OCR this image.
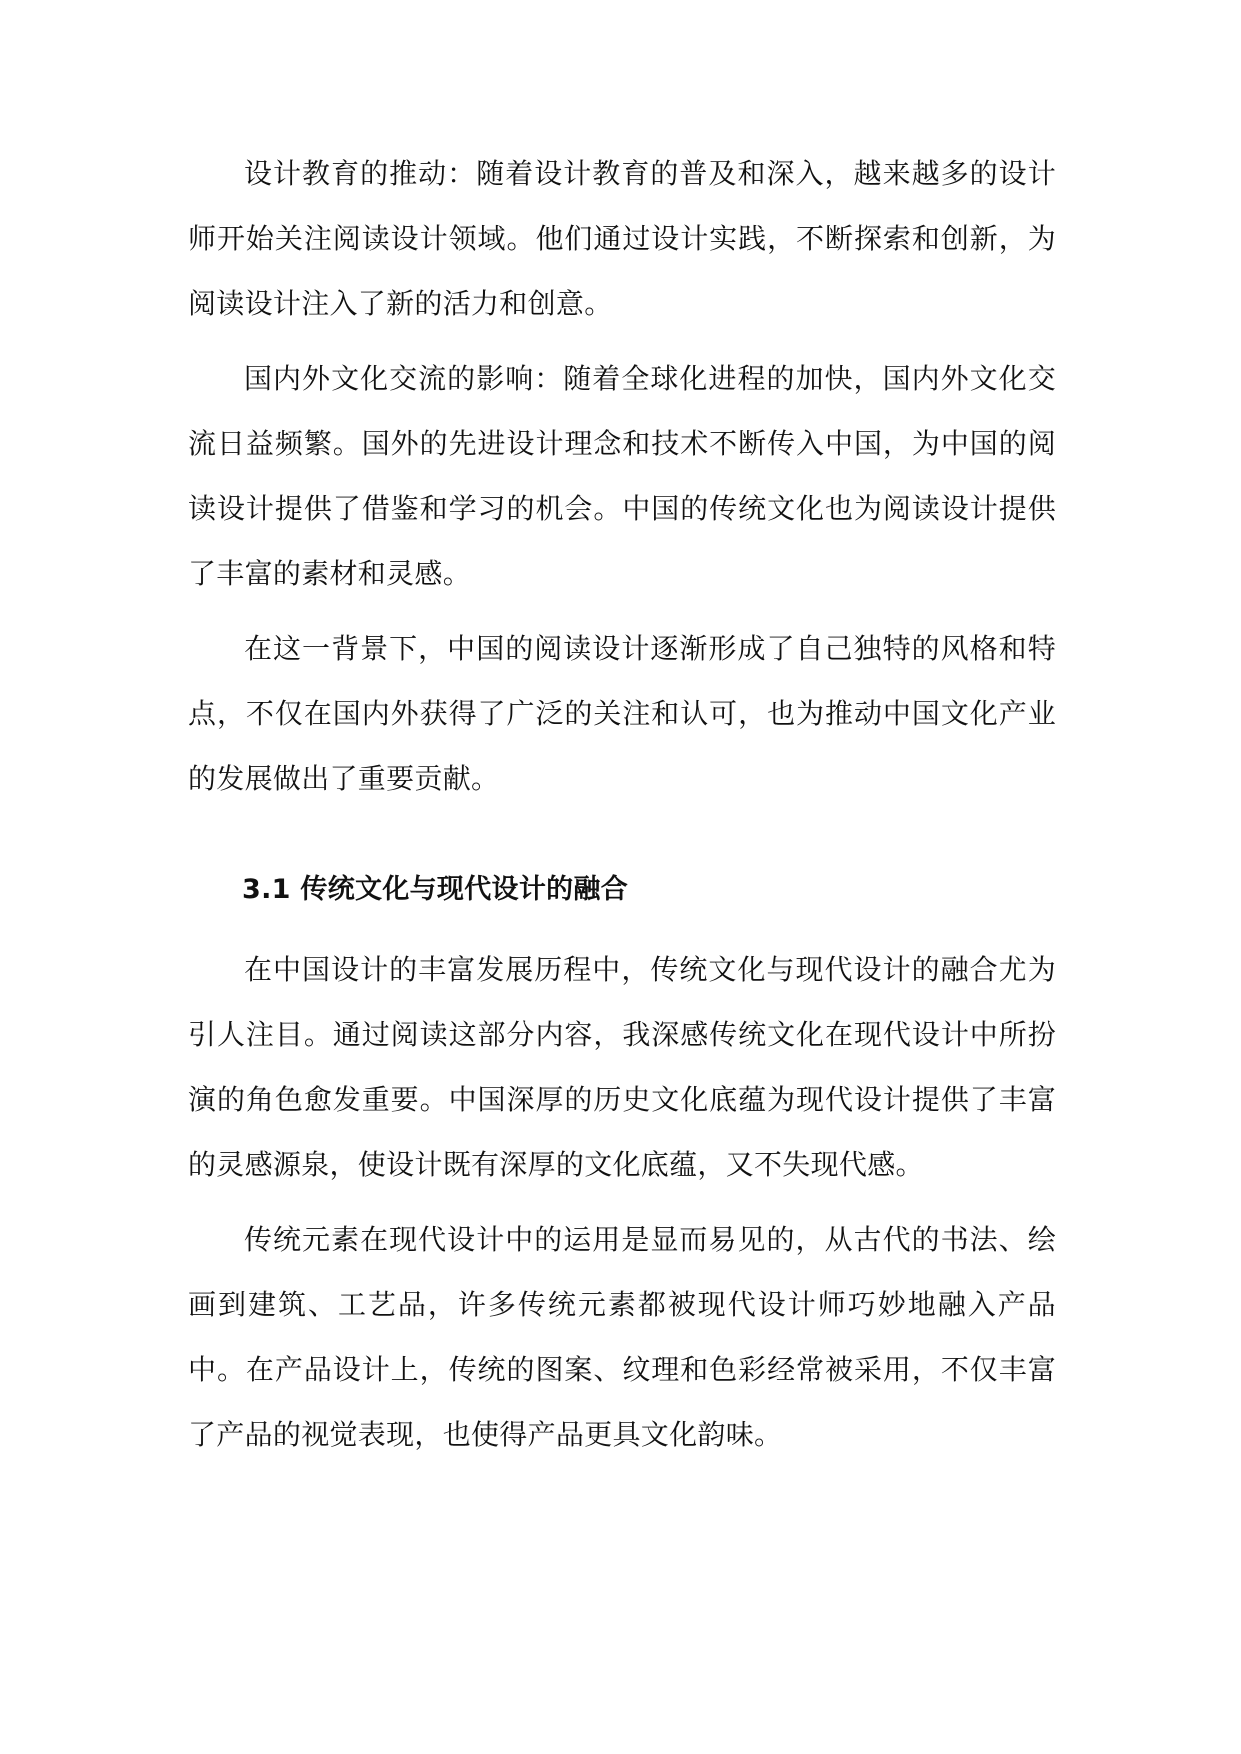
设计教育的推动：随着设计教育的普及和深入，越来越多的设计师开始关注阅读设计领域。他们通过设计实践，不断探索和创新，为阅读设计注入了新的活力和创意。

国内外文化交流的影响：随着全球化进程的加快，国内外文化交流日益频繁。国外的先进设计理念和技术不断传入中国，为中国的阅读设计提供了借鉴和学习的机会。中国的传统文化也为阅读设计提供了丰富的素材和灵感。

在这一背景下，中国的阅读设计逐渐形成了自己独特的风格和特点，不仅在国内外获得了广泛的关注和认可，也为推动中国文化产业的发展做出了重要贡献。

3.1 传统文化与现代设计的融合

在中国设计的丰富发展历程中，传统文化与现代设计的融合尤为引人注目。通过阅读这部分内容，我深感传统文化在现代设计中所扮演的角色愈发重要。中国深厚的历史文化底蕴为现代设计提供了丰富的灵感源泉，使设计既有深厚的文化底蕴，又不失现代感。

传统元素在现代设计中的运用是显而易见的，从古代的书法、绘画到建筑、工艺品，许多传统元素都被现代设计师巧妙地融入产品中。在产品设计上，传统的图案、纹理和色彩经常被采用，不仅丰富了产品的视觉表现，也使得产品更具文化韵味。
